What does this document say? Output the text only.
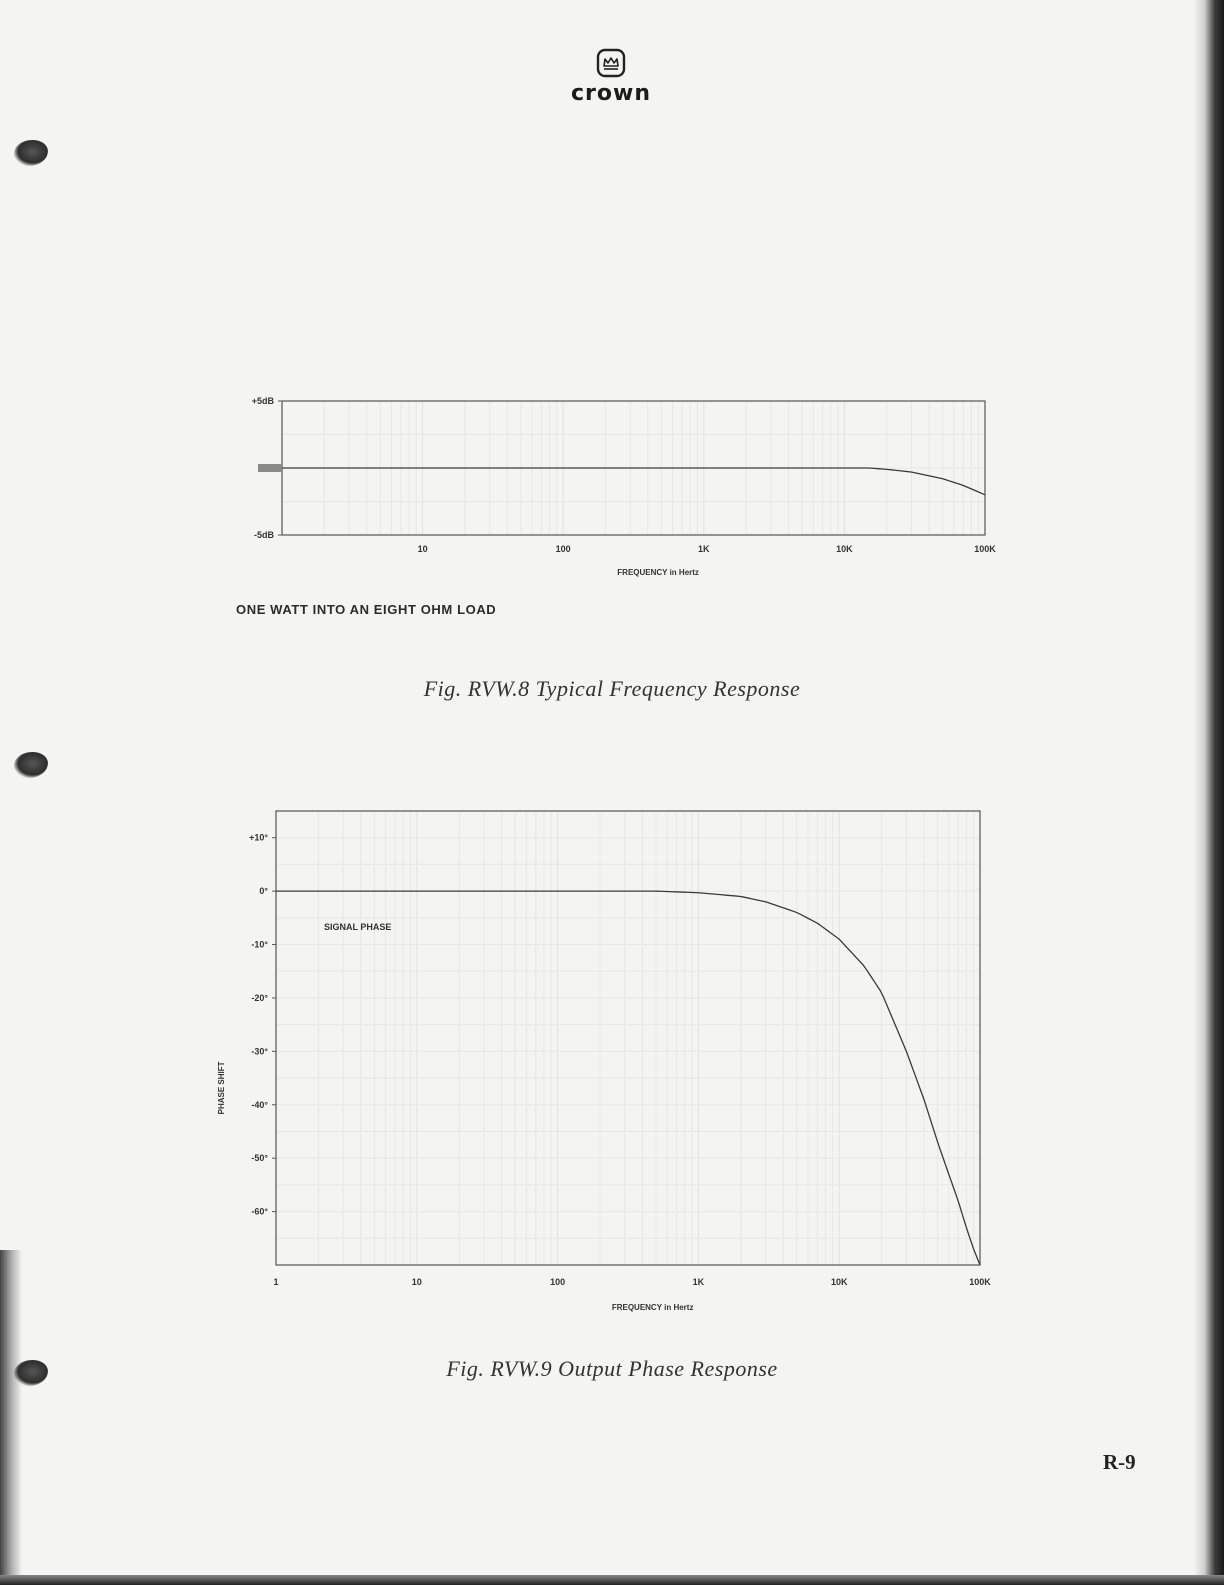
crown
10	100	1K	10K	100K
+5dB
-5dB
FREQUENCY in Hertz
1	10	100	1K	10K	100K
+10°
0°
-10°
-20°
-30°
-40°
-50°
-60°
FREQUENCY in Hertz
PHASE SHIFT
SIGNAL PHASE
ONE WATT INTO AN EIGHT OHM LOAD
Fig. RVW.8 Typical Frequency Response
Fig. RVW.9 Output Phase Response
R-9
